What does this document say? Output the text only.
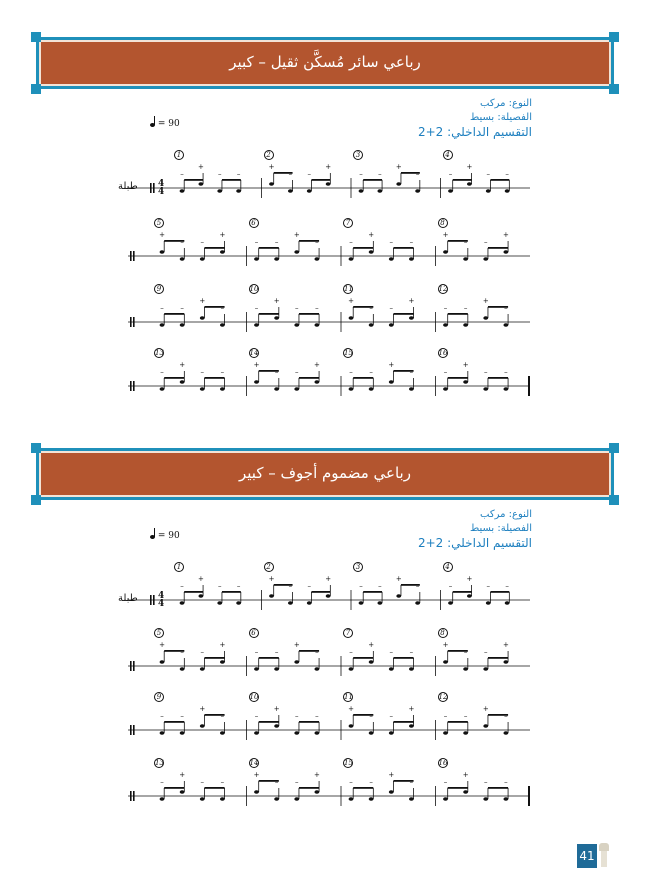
رباعي سائر مُسكَّن ثقيل – كبير
النوع: مركب
الفصيلة: بسيط
التقسيم الداخلي: 2+2
= 90
–
+
– –
+
– –
+
– –
+
–	–
+
– –
1	2	3	4
طبلة 4
4
+
– –
+
– –
+
–	–
+
– –
+
– –
+
5	6	7	8
– –
+
–	–
+
– –
+
– –
+
– –
+
–
9	10	11	12
–
+
– –
+
– –
+
– –
+
–	–
+
– –
13	14	15	16
رباعي مضموم أجوف – كبير
النوع: مركب
الفصيلة: بسيط
التقسيم الداخلي: 2+2
= 90
–
+
– –
+
– –
+
– –
+
–	–
+
– –
1	2	3	4
طبلة 4
4
+
– –
+
– –
+
–	–
+
– –
+
– –
+
5	6	7	8
– –
+
–	–
+
– –
+
– –
+
– –
+
–
9	10	11	12
–
+
– –
+
– –
+
– –
+
–	–
+
– –
13	14	15	16
41
